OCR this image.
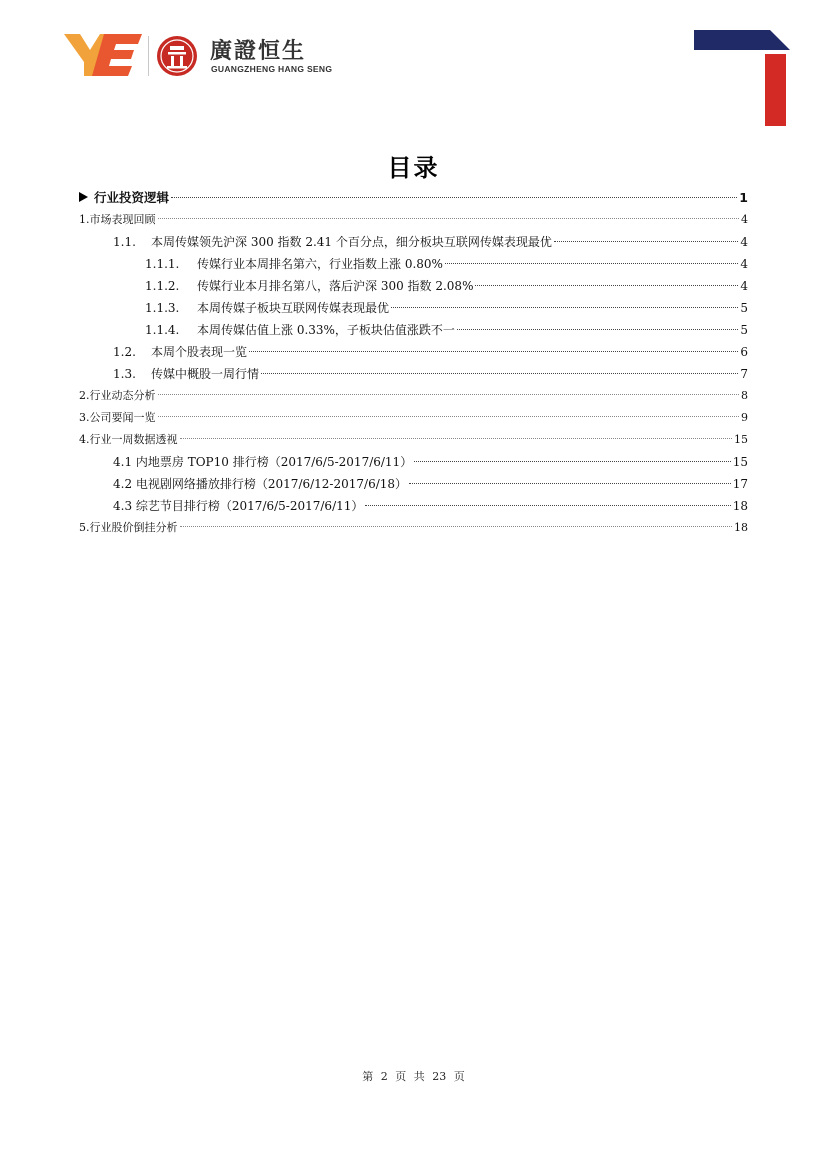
廣證恒生
GUANGZHENG HANG SENG
目录
行业投资逻辑	1
1.市场表现回顾	4
1.1.	本周传媒领先沪深 300 指数 2.41 个百分点，细分板块互联网传媒表现最优	4
1.1.1.	传媒行业本周排名第六，行业指数上涨 0.80%	4
1.1.2.	传媒行业本月排名第八，落后沪深 300 指数 2.08%	4
1.1.3.	本周传媒子板块互联网传媒表现最优	5
1.1.4.	本周传媒估值上涨 0.33%，子板块估值涨跌不一	5
1.2.	本周个股表现一览	6
1.3.	传媒中概股一周行情	7
2.行业动态分析	8
3.公司要闻一览	9
4.行业一周数据透视	15
4.1 内地票房 TOP10 排行榜（2017/6/5-2017/6/11）	15
4.2 电视剧网络播放排行榜（2017/6/12-2017/6/18）	17
4.3 综艺节目排行榜（2017/6/5-2017/6/11）	18
5.行业股价倒挂分析	18
第 2 页 共 23 页
